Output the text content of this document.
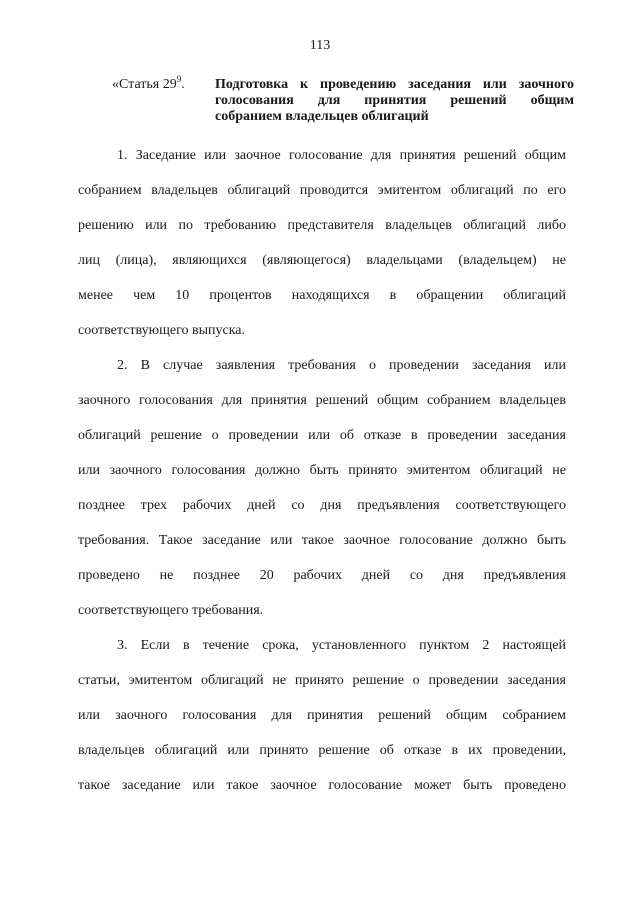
113
«Статья $29^9$.	Подготовка к проведению заседания или заочного
голосования для принятия решений общим
собранием владельцев облигаций
1. Заседание или заочное голосование для принятия решений общим
собранием владельцев облигаций проводится эмитентом облигаций по его
решению или по требованию представителя владельцев облигаций либо
лиц (лица), являющихся (являющегося) владельцами (владельцем) не
менее чем 10 процентов находящихся в обращении облигаций
соответствующего выпуска.
2. В случае заявления требования о проведении заседания или
заочного голосования для принятия решений общим собранием владельцев
облигаций решение о проведении или об отказе в проведении заседания
или заочного голосования должно быть принято эмитентом облигаций не
позднее трех рабочих дней со дня предъявления соответствующего
требования. Такое заседание или такое заочное голосование должно быть
проведено не позднее 20 рабочих дней со дня предъявления
соответствующего требования.
3. Если в течение срока, установленного пунктом 2 настоящей
статьи, эмитентом облигаций не принято решение о проведении заседания
или заочного голосования для принятия решений общим собранием
владельцев облигаций или принято решение об отказе в их проведении,
такое заседание или такое заочное голосование может быть проведено
